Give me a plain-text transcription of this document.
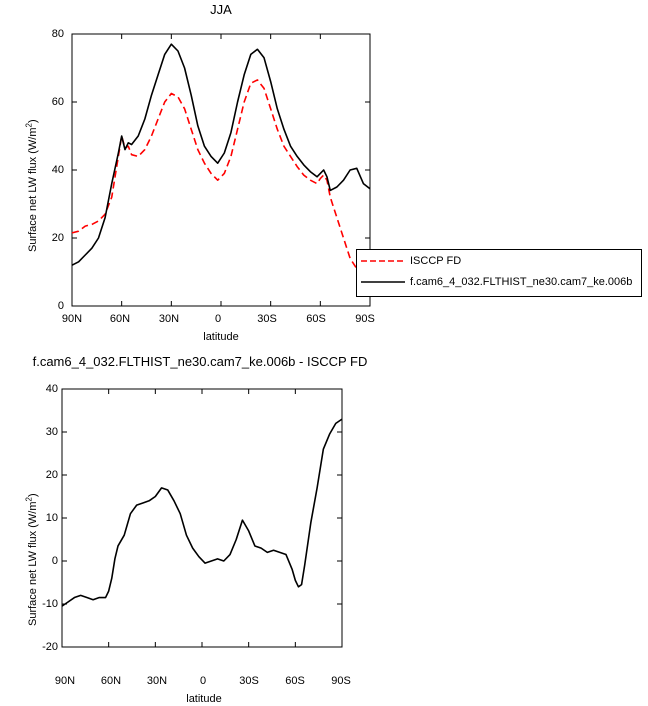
JJA
Surface net LW flux $(W/m^2)$
latitude
80
60
40
20
0
90N	60N	30N	0	30S	60S	90S
ISCCP FD
f.cam6_4_032.FLTHIST_ne30.cam7_ke.006b
f.cam6_4_032.FLTHIST_ne30.cam7_ke.006b - ISCCP FD
Surface net LW flux $(W/m^2)$
latitude
40
30
20
10
0
-10
-20
90N	60N	30N	0	30S	60S	90S
